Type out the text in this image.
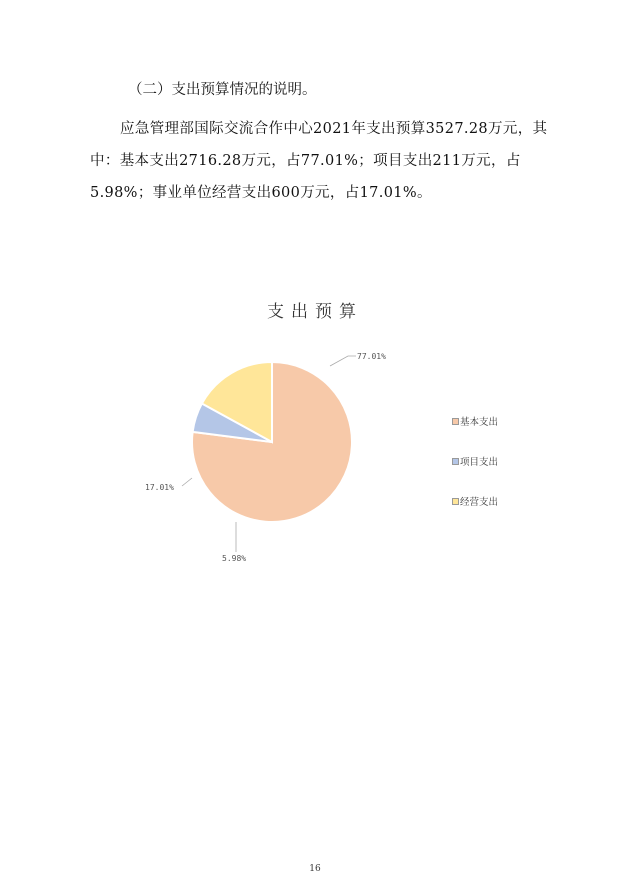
（二）支出预算情况的说明。

应急管理部国际交流合作中心2021年支出预算3527.28万元，其中：基本支出2716.28万元，占77.01%；项目支出211万元，占5.98%；事业单位经营支出600万元，占17.01%。

支出预算
77.01%
5.98%
17.01%
基本支出
项目支出
经营支出
16
